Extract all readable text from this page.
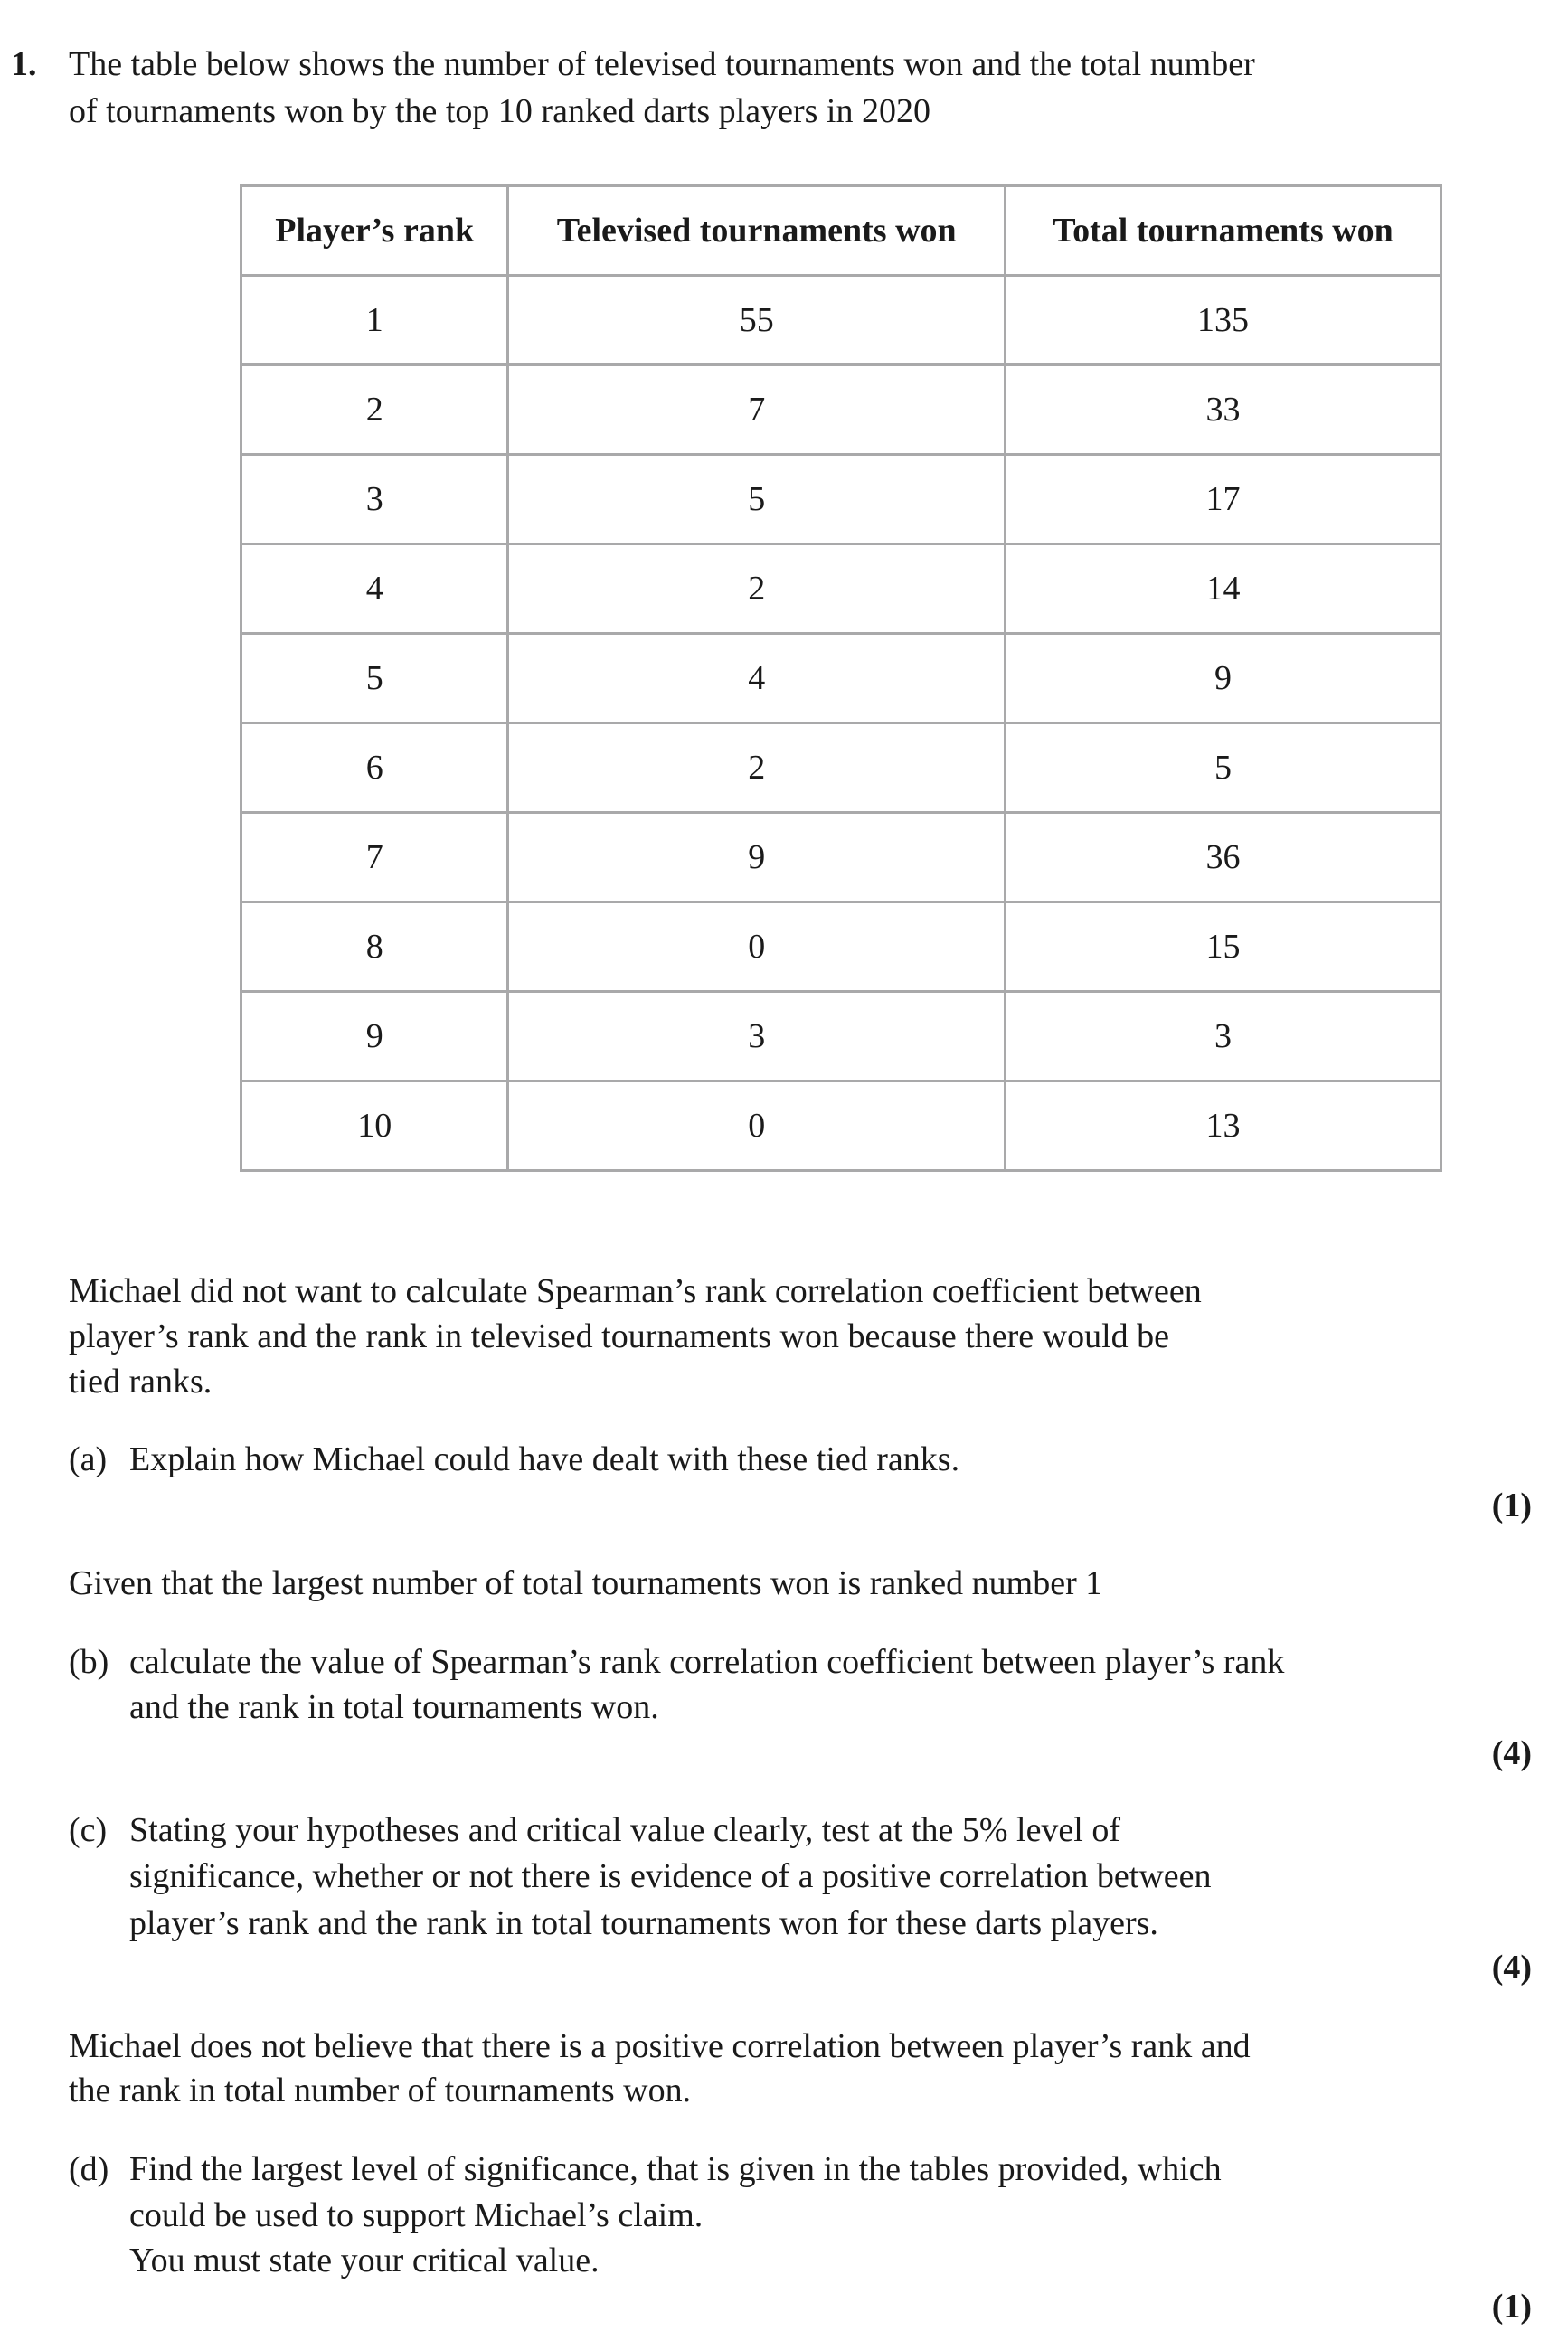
1. The table below shows the number of televised tournaments won and the total number
of tournaments won by the top 10 ranked darts players in 2020
Player’s rank	Televised tournaments won	Total tournaments won
1	55	135
2	7	33
3	5	17
4	2	14
5	4	9
6	2	5
7	9	36
8	0	15
9	3	3
10	0	13
Michael did not want to calculate Spearman’s rank correlation coefficient between
player’s rank and the rank in televised tournaments won because there would be
tied ranks.
(a) Explain how Michael could have dealt with these tied ranks.
(1)
Given that the largest number of total tournaments won is ranked number 1
(b) calculate the value of Spearman’s rank correlation coefficient between player’s rank
and the rank in total tournaments won.
(4)
(c) Stating your hypotheses and critical value clearly, test at the 5% level of
significance, whether or not there is evidence of a positive correlation between
player’s rank and the rank in total tournaments won for these darts players.
(4)
Michael does not believe that there is a positive correlation between player’s rank and
the rank in total number of tournaments won.
(d) Find the largest level of significance, that is given in the tables provided, which
could be used to support Michael’s claim.
You must state your critical value.
(1)
